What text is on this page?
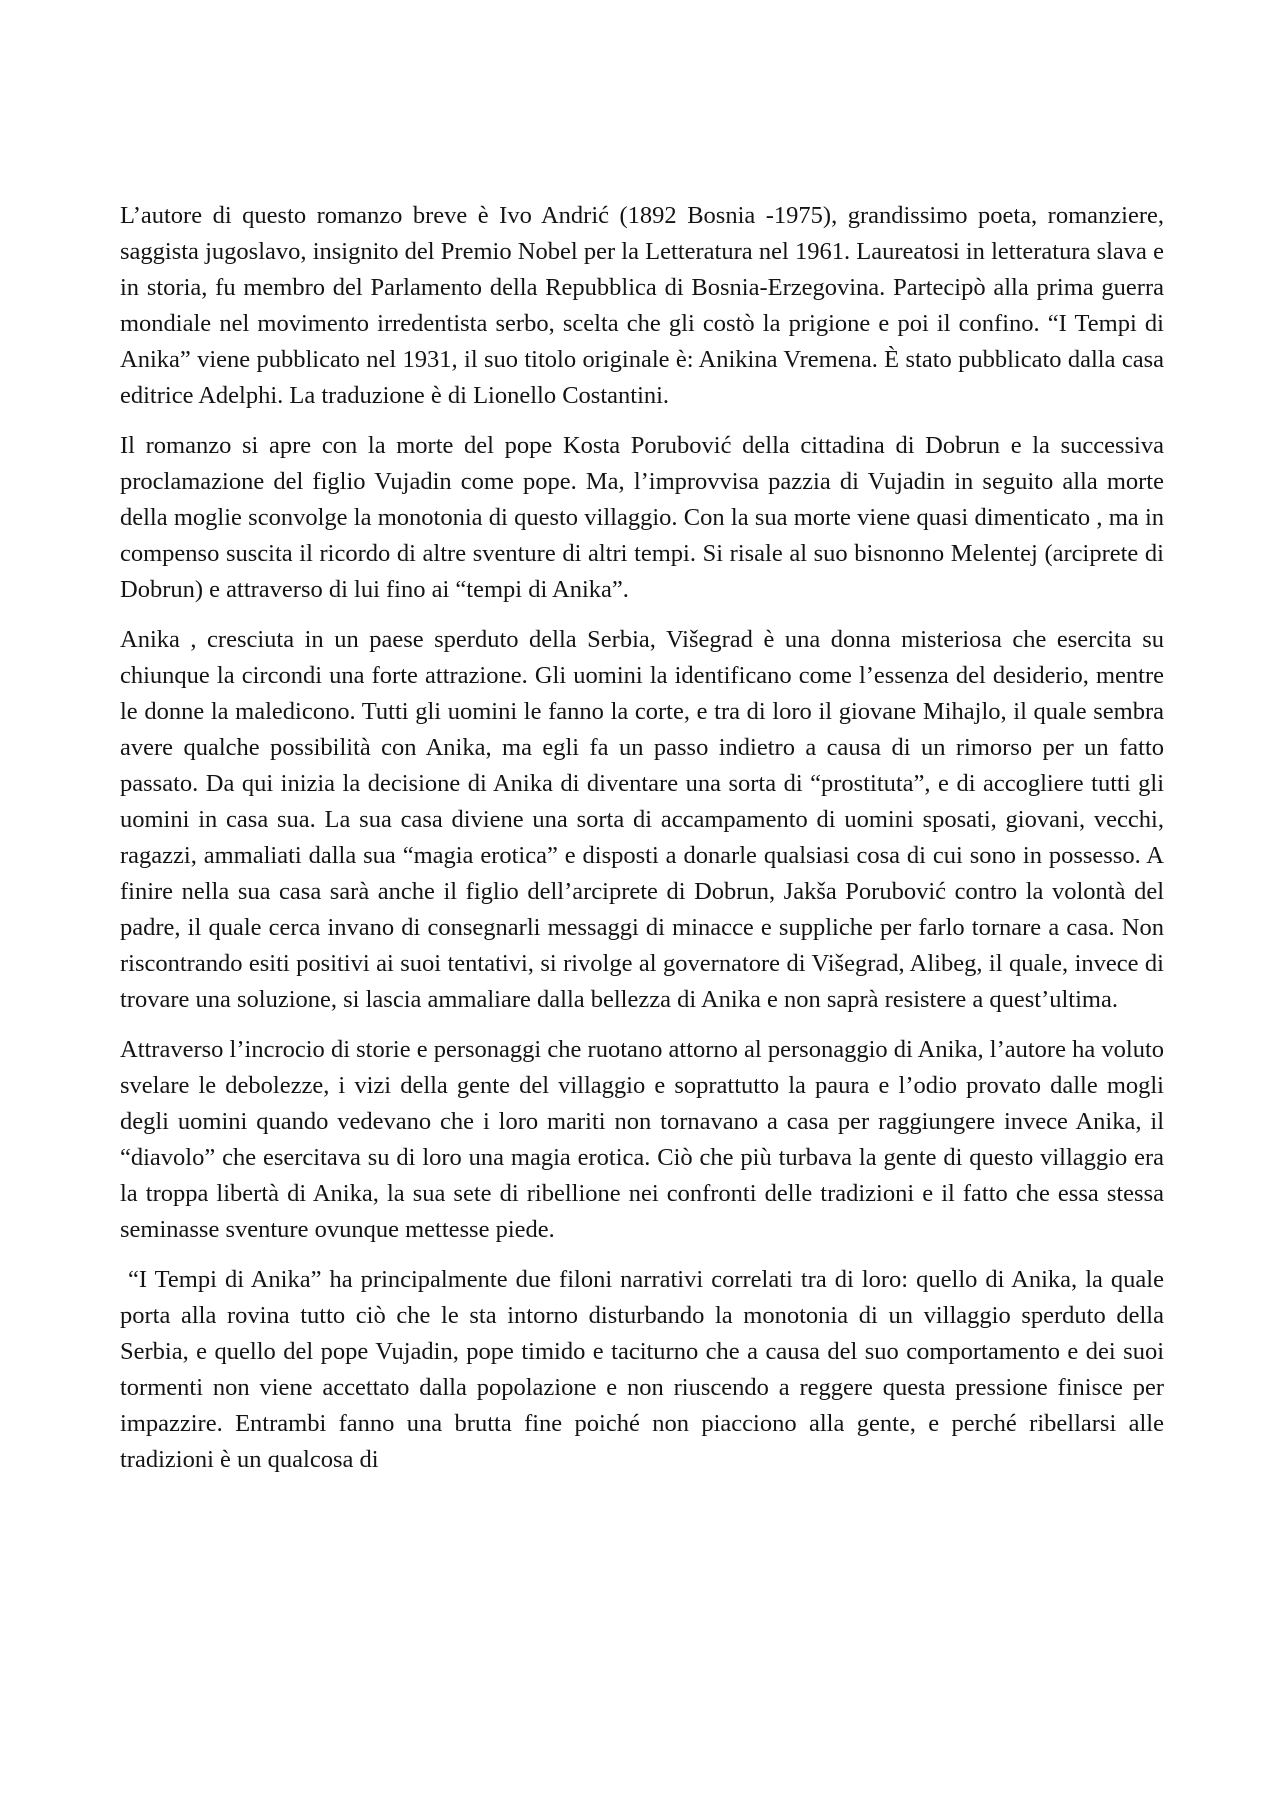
L’autore di questo romanzo breve è Ivo Andrić (1892 Bosnia -1975), grandissimo poeta, romanziere, saggista jugoslavo, insignito del Premio Nobel per la Letteratura nel 1961. Laureatosi in letteratura slava e in storia, fu membro del Parlamento della Repubblica di Bosnia-Erzegovina. Partecipò alla prima guerra mondiale nel movimento irredentista serbo, scelta che gli costò la prigione e poi il confino. “I Tempi di Anika” viene pubblicato nel 1931, il suo titolo originale è: Anikina Vremena. È stato pubblicato dalla casa editrice Adelphi. La traduzione è di Lionello Costantini.

Il romanzo si apre con la morte del pope Kosta Porubović della cittadina di Dobrun e la successiva proclamazione del figlio Vujadin come pope. Ma, l’improvvisa pazzia di Vujadin in seguito alla morte della moglie sconvolge la monotonia di questo villaggio. Con la sua morte viene quasi dimenticato , ma in compenso suscita il ricordo di altre sventure di altri tempi. Si risale al suo bisnonno Melentej (arciprete di Dobrun) e attraverso di lui fino ai “tempi di Anika”.

Anika , cresciuta in un paese sperduto della Serbia, Višegrad è una donna misteriosa che esercita su chiunque la circondi una forte attrazione. Gli uomini la identificano come l’essenza del desiderio, mentre le donne la maledicono. Tutti gli uomini le fanno la corte, e tra di loro il giovane Mihajlo, il quale sembra avere qualche possibilità con Anika, ma egli fa un passo indietro a causa di un rimorso per un fatto passato. Da qui inizia la decisione di Anika di diventare una sorta di “prostituta”, e di accogliere tutti gli uomini in casa sua. La sua casa diviene una sorta di accampamento di uomini sposati, giovani, vecchi, ragazzi, ammaliati dalla sua “magia erotica” e disposti a donarle qualsiasi cosa di cui sono in possesso. A finire nella sua casa sarà anche il figlio dell’arciprete di Dobrun, Jakša Porubović contro la volontà del padre, il quale cerca invano di consegnarli messaggi di minacce e suppliche per farlo tornare a casa. Non riscontrando esiti positivi ai suoi tentativi, si rivolge al governatore di Višegrad, Alibeg, il quale, invece di trovare una soluzione, si lascia ammaliare dalla bellezza di Anika e non saprà resistere a quest’ultima.

Attraverso l’incrocio di storie e personaggi che ruotano attorno al personaggio di Anika, l’autore ha voluto svelare le debolezze, i vizi della gente del villaggio e soprattutto la paura e l’odio provato dalle mogli degli uomini quando vedevano che i loro mariti non tornavano a casa per raggiungere invece Anika, il “diavolo” che esercitava su di loro una magia erotica. Ciò che più turbava la gente di questo villaggio era la troppa libertà di Anika, la sua sete di ribellione nei confronti delle tradizioni e il fatto che essa stessa seminasse sventure ovunque mettesse piede.

“I Tempi di Anika” ha principalmente due filoni narrativi correlati tra di loro: quello di Anika, la quale porta alla rovina tutto ciò che le sta intorno disturbando la monotonia di un villaggio sperduto della Serbia, e quello del pope Vujadin, pope timido e taciturno che a causa del suo comportamento e dei suoi tormenti non viene accettato dalla popolazione e non riuscendo a reggere questa pressione finisce per impazzire. Entrambi fanno una brutta fine poiché non piacciono alla gente, e perché ribellarsi alle tradizioni è un qualcosa di
